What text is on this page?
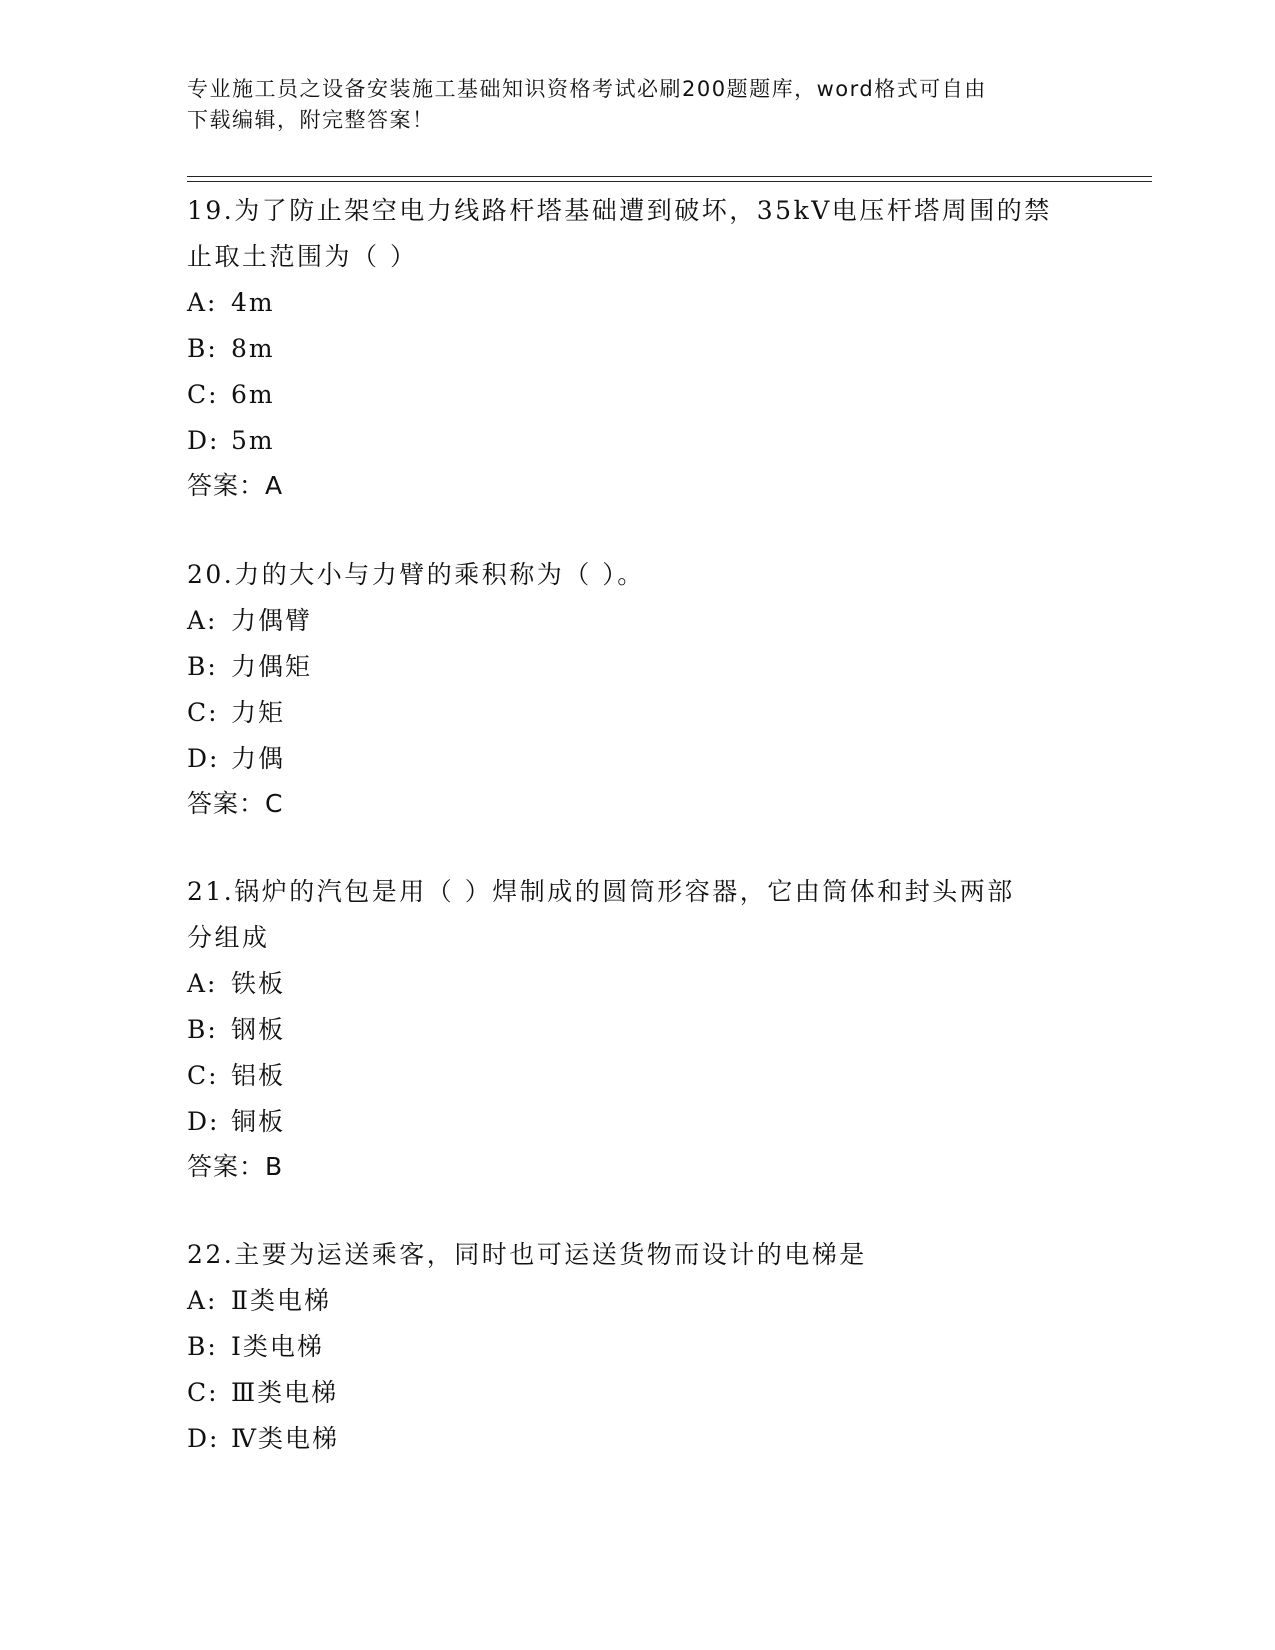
专业施工员之设备安装施工基础知识资格考试必刷200题题库，word格式可自由
下载编辑，附完整答案！

19.为了防止架空电力线路杆塔基础遭到破坏，35kV电压杆塔周围的禁

止取土范围为（ ）

A: 4m

B: 8m

C: 6m

D: 5m

答案：A

20.力的大小与力臂的乘积称为（ ）。

A: 力偶臂

B: 力偶矩

C: 力矩

D: 力偶

答案：C

21.锅炉的汽包是用（ ）焊制成的圆筒形容器，它由筒体和封头两部

分组成

A: 铁板

B: 钢板

C: 铝板

D: 铜板

答案：B

22.主要为运送乘客，同时也可运送货物而设计的电梯是

A: Ⅱ类电梯

B: Ⅰ类电梯

C: Ⅲ类电梯

D: Ⅳ类电梯
